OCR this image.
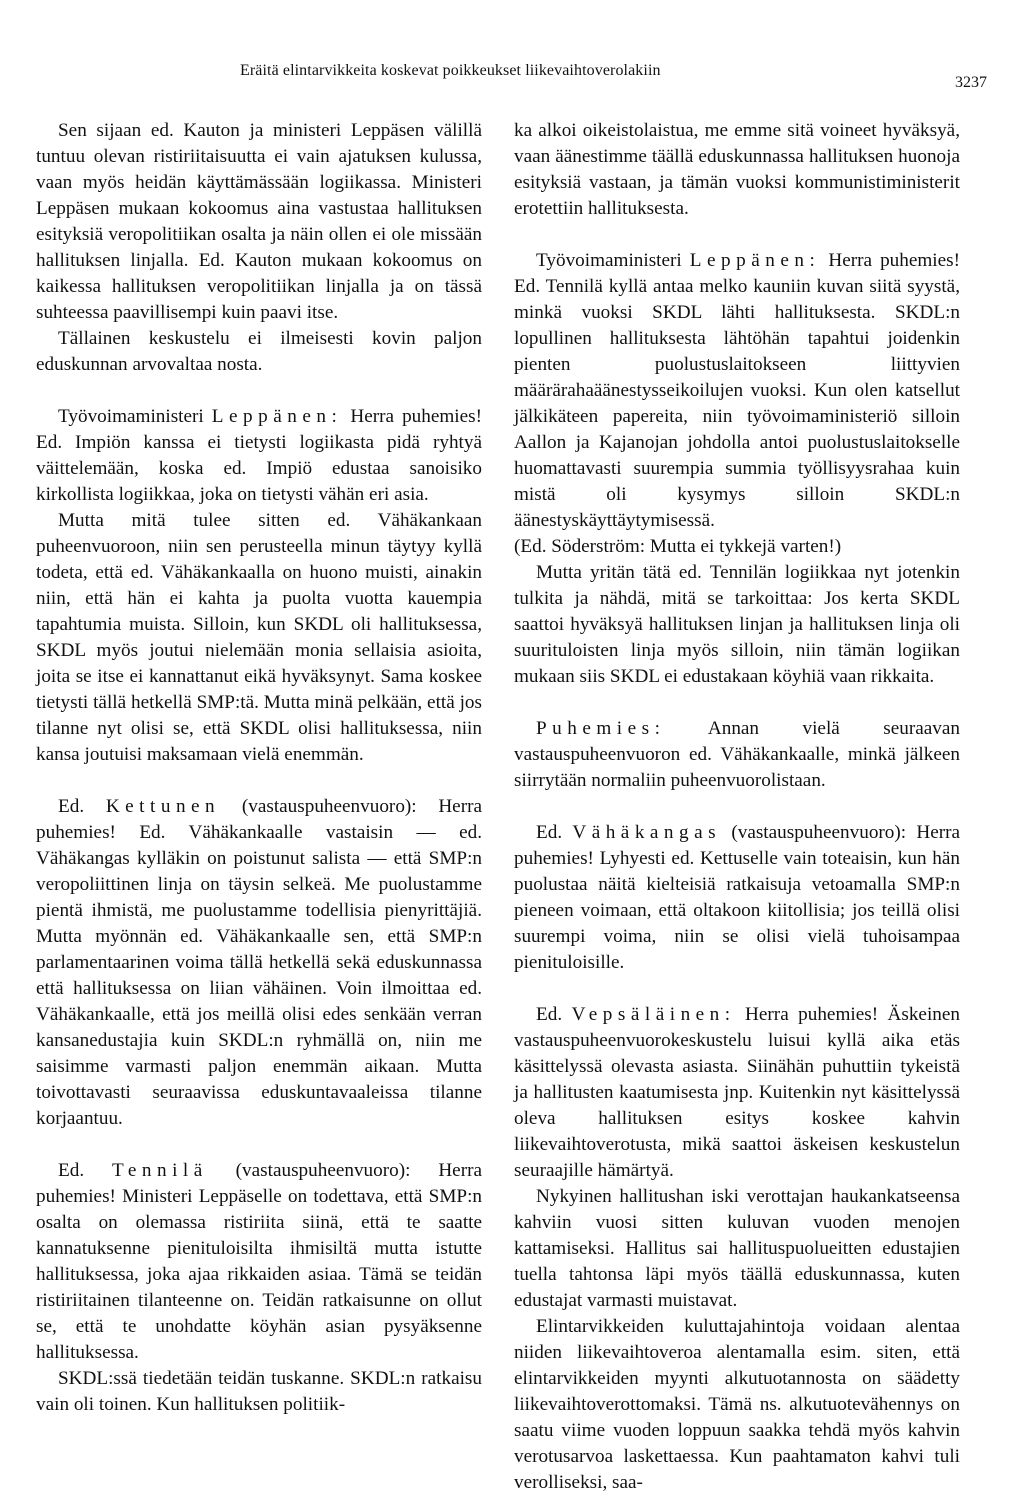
Eräitä elintarvikkeita koskevat poikkeukset liikevaihtoverolakiin
3237

Sen sijaan ed. Kauton ja ministeri Leppäsen välillä tuntuu olevan ristiriitaisuutta ei vain ajatuksen kulussa, vaan myös heidän käyttämässään logiikassa. Ministeri Leppäsen mukaan kokoomus aina vastustaa hallituksen esityksiä veropolitiikan osalta ja näin ollen ei ole missään hallituksen linjalla. Ed. Kauton mukaan kokoomus on kaikessa hallituksen veropolitiikan linjalla ja on tässä suhteessa paavillisempi kuin paavi itse.

Tällainen keskustelu ei ilmeisesti kovin paljon eduskunnan arvovaltaa nosta.

Työvoimaministeri Leppänen: Herra puhemies! Ed. Impiön kanssa ei tietysti logiikasta pidä ryhtyä väittelemään, koska ed. Impiö edustaa sanoisiko kirkollista logiikkaa, joka on tietysti vähän eri asia.

Mutta mitä tulee sitten ed. Vähäkankaan puheenvuoroon, niin sen perusteella minun täytyy kyllä todeta, että ed. Vähäkankaalla on huono muisti, ainakin niin, että hän ei kahta ja puolta vuotta kauempia tapahtumia muista. Silloin, kun SKDL oli hallituksessa, SKDL myös joutui nielemään monia sellaisia asioita, joita se itse ei kannattanut eikä hyväksynyt. Sama koskee tietysti tällä hetkellä SMP:tä. Mutta minä pelkään, että jos tilanne nyt olisi se, että SKDL olisi hallituksessa, niin kansa joutuisi maksamaan vielä enemmän.

Ed. Kettunen (vastauspuheenvuoro): Herra puhemies! Ed. Vähäkankaalle vastaisin — ed. Vähäkangas kylläkin on poistunut salista — että SMP:n veropoliittinen linja on täysin selkeä. Me puolustamme pientä ihmistä, me puolustamme todellisia pienyrittäjiä. Mutta myönnän ed. Vähäkankaalle sen, että SMP:n parlamentaarinen voima tällä hetkellä sekä eduskunnassa että hallituksessa on liian vähäinen. Voin ilmoittaa ed. Vähäkankaalle, että jos meillä olisi edes senkään verran kansanedustajia kuin SKDL:n ryhmällä on, niin me saisimme varmasti paljon enemmän aikaan. Mutta toivottavasti seuraavissa eduskuntavaaleissa tilanne korjaantuu.

Ed. Tennilä (vastauspuheenvuoro): Herra puhemies! Ministeri Leppäselle on todettava, että SMP:n osalta on olemassa ristiriita siinä, että te saatte kannatuksenne pienituloisilta ihmisiltä mutta istutte hallituksessa, joka ajaa rikkaiden asiaa. Tämä se teidän ristiriitainen tilanteenne on. Teidän ratkaisunne on ollut se, että te unohdatte köyhän asian pysyäksenne hallituksessa.

SKDL:ssä tiedetään teidän tuskanne. SKDL:n ratkaisu vain oli toinen. Kun hallituksen politiik-

ka alkoi oikeistolaistua, me emme sitä voineet hyväksyä, vaan äänestimme täällä eduskunnassa hallituksen huonoja esityksiä vastaan, ja tämän vuoksi kommunistiministerit erotettiin hallituksesta.

Työvoimaministeri Leppänen: Herra puhemies! Ed. Tennilä kyllä antaa melko kauniin kuvan siitä syystä, minkä vuoksi SKDL lähti hallituksesta. SKDL:n lopullinen hallituksesta lähtöhän tapahtui joidenkin pienten puolustuslaitokseen liittyvien määrärahaäänestysseikoilujen vuoksi. Kun olen katsellut jälkikäteen papereita, niin työvoimaministeriö silloin Aallon ja Kajanojan johdolla antoi puolustuslaitokselle huomattavasti suurempia summia työllisyysrahaa kuin mistä oli kysymys silloin SKDL:n äänestyskäyttäytymisessä.

(Ed. Söderström: Mutta ei tykkejä varten!)

Mutta yritän tätä ed. Tennilän logiikkaa nyt jotenkin tulkita ja nähdä, mitä se tarkoittaa: Jos kerta SKDL saattoi hyväksyä hallituksen linjan ja hallituksen linja oli suurituloisten linja myös silloin, niin tämän logiikan mukaan siis SKDL ei edustakaan köyhiä vaan rikkaita.

Puhemies: Annan vielä seuraavan vastauspuheenvuoron ed. Vähäkankaalle, minkä jälkeen siirrytään normaliin puheenvuorolistaan.

Ed. Vähäkangas (vastauspuheenvuoro): Herra puhemies! Lyhyesti ed. Kettuselle vain toteaisin, kun hän puolustaa näitä kielteisiä ratkaisuja vetoamalla SMP:n pieneen voimaan, että oltakoon kiitollisia; jos teillä olisi suurempi voima, niin se olisi vielä tuhoisampaa pienituloisille.

Ed. Vepsäläinen: Herra puhemies! Äskeinen vastauspuheenvuorokeskustelu luisui kyllä aika etäs käsittelyssä olevasta asiasta. Siinähän puhuttiin tykeistä ja hallitusten kaatumisesta jnp. Kuitenkin nyt käsittelyssä oleva hallituksen esitys koskee kahvin liikevaihtoverotusta, mikä saattoi äskeisen keskustelun seuraajille hämärtyä.

Nykyinen hallitushan iski verottajan haukankatseensa kahviin vuosi sitten kuluvan vuoden menojen kattamiseksi. Hallitus sai hallituspuolueitten edustajien tuella tahtonsa läpi myös täällä eduskunnassa, kuten edustajat varmasti muistavat.

Elintarvikkeiden kuluttajahintoja voidaan alentaa niiden liikevaihtoveroa alentamalla esim. siten, että elintarvikkeiden myynti alkutuotannosta on säädetty liikevaihtoverottomaksi. Tämä ns. alkutuotevähennys on saatu viime vuoden loppuun saakka tehdä myös kahvin verotusarvoa laskettaessa. Kun paahtamaton kahvi tuli verolliseksi, saa-
